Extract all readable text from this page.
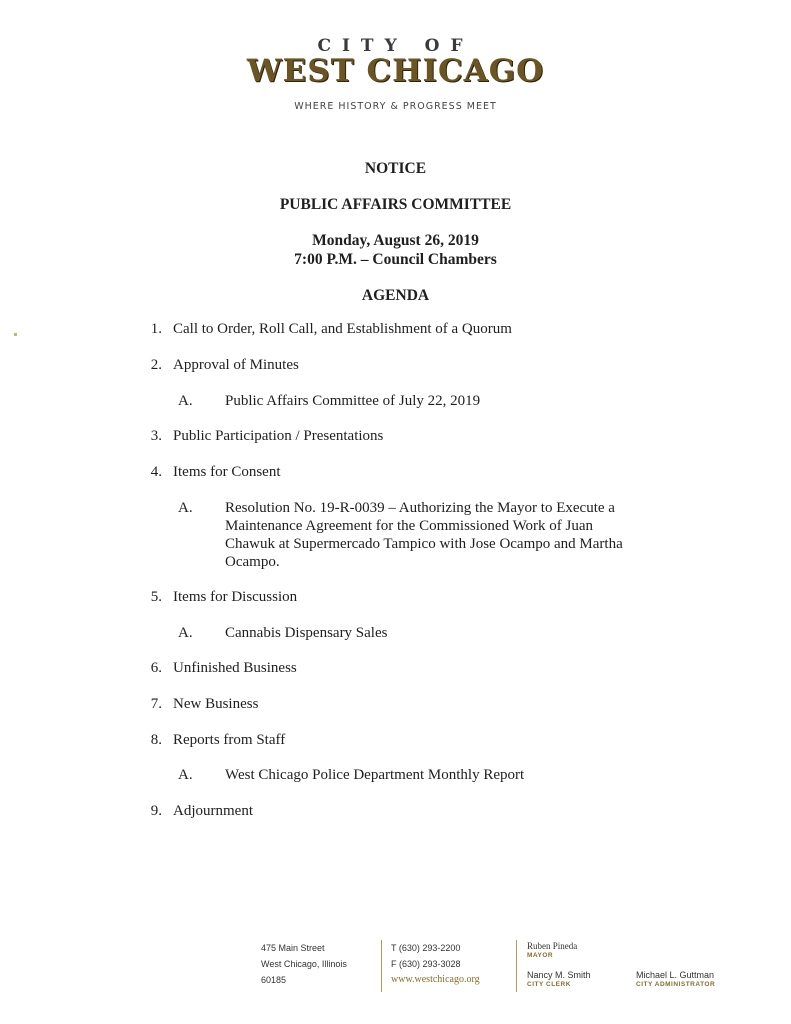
CITY OF
WEST CHICAGO
WHERE HISTORY & PROGRESS MEET
NOTICE
PUBLIC AFFAIRS COMMITTEE
Monday, August 26, 2019
7:00 P.M. – Council Chambers
AGENDA
1. Call to Order, Roll Call, and Establishment of a Quorum
2. Approval of Minutes
A. Public Affairs Committee of July 22, 2019
3. Public Participation / Presentations
4. Items for Consent
A. Resolution No. 19-R-0039 – Authorizing the Mayor to Execute a Maintenance Agreement for the Commissioned Work of Juan Chawuk at Supermercado Tampico with Jose Ocampo and Martha Ocampo.
5. Items for Discussion
A. Cannabis Dispensary Sales
6. Unfinished Business
7. New Business
8. Reports from Staff
A. West Chicago Police Department Monthly Report
9. Adjournment
475 Main Street
West Chicago, Illinois
60185
T (630) 293-2200
F (630) 293-3028
www.westchicago.org
Ruben Pineda
MAYOR
Nancy M. Smith
CITY CLERK
Michael L. Guttman
CITY ADMINISTRATOR
